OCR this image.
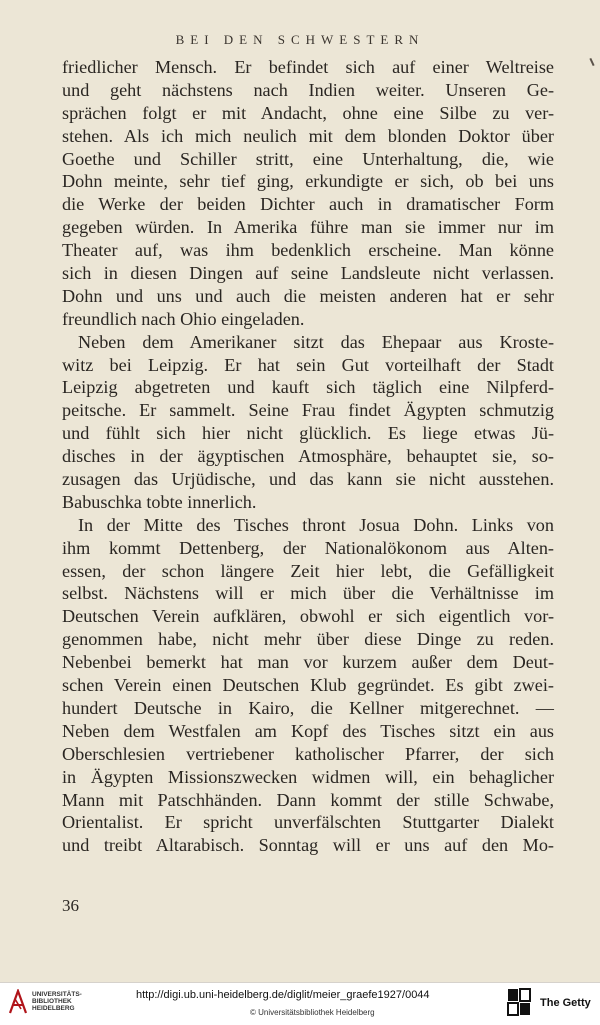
BEI DEN SCHWESTERN
friedlicher Mensch. Er befindet sich auf einer Weltreise
und geht nächstens nach Indien weiter. Unseren Ge-
sprächen folgt er mit Andacht, ohne eine Silbe zu ver-
stehen. Als ich mich neulich mit dem blonden Doktor über
Goethe und Schiller stritt, eine Unterhaltung, die, wie
Dohn meinte, sehr tief ging, erkundigte er sich, ob bei uns
die Werke der beiden Dichter auch in dramatischer Form
gegeben würden. In Amerika führe man sie immer nur im
Theater auf, was ihm bedenklich erscheine. Man könne
sich in diesen Dingen auf seine Landsleute nicht verlassen.
Dohn und uns und auch die meisten anderen hat er sehr
freundlich nach Ohio eingeladen.
Neben dem Amerikaner sitzt das Ehepaar aus Kroste-
witz bei Leipzig. Er hat sein Gut vorteilhaft der Stadt
Leipzig abgetreten und kauft sich täglich eine Nilpferd-
peitsche. Er sammelt. Seine Frau findet Ägypten schmutzig
und fühlt sich hier nicht glücklich. Es liege etwas Jü-
disches in der ägyptischen Atmosphäre, behauptet sie, so-
zusagen das Urjüdische, und das kann sie nicht ausstehen.
Babuschka tobte innerlich.
In der Mitte des Tisches thront Josua Dohn. Links von
ihm kommt Dettenberg, der Nationalökonom aus Alten-
essen, der schon längere Zeit hier lebt, die Gefälligkeit
selbst. Nächstens will er mich über die Verhältnisse im
Deutschen Verein aufklären, obwohl er sich eigentlich vor-
genommen habe, nicht mehr über diese Dinge zu reden.
Nebenbei bemerkt hat man vor kurzem außer dem Deut-
schen Verein einen Deutschen Klub gegründet. Es gibt zwei-
hundert Deutsche in Kairo, die Kellner mitgerechnet. —
Neben dem Westfalen am Kopf des Tisches sitzt ein aus
Oberschlesien vertriebener katholischer Pfarrer, der sich
in Ägypten Missionszwecken widmen will, ein behaglicher
Mann mit Patschhänden. Dann kommt der stille Schwabe,
Orientalist. Er spricht unverfälschten Stuttgarter Dialekt
und treibt Altarabisch. Sonntag will er uns auf den Mo-
36
UNIVERSITÄTS-
BIBLIOTHEK
HEIDELBERG
http://digi.ub.uni-heidelberg.de/diglit/meier_graefe1927/0044
© Universitätsbibliothek Heidelberg
The Getty
